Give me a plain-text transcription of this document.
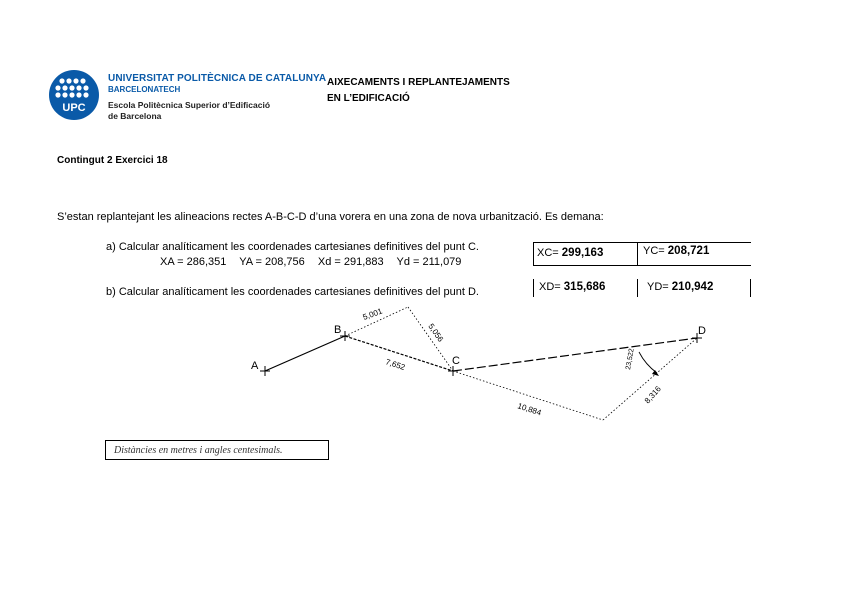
UPC
UNIVERSITAT POLITÈCNICA DE CATALUNYA
BARCELONATECH
Escola Politècnica Superior d’Edificació
de Barcelona
AIXECAMENTS I REPLANTEJAMENTS
EN L’EDIFICACIÓ
Contingut 2 Exercici 18
S’estan replantejant les alineacions rectes A-B-C-D d’una vorera en una zona de nova urbanització. Es demana:
a) Calcular analíticament les coordenades cartesianes definitives del punt C.
XA = 286,351 YA = 208,756 Xd = 291,883 Yd = 211,079
b) Calcular analíticament les coordenades cartesianes definitives del punt D.
XC= 299,163	YC= 208,721
XD= 315,686	YD= 210,942
A
B
C
D
5,001
5,056
7,652
10,884
8,316
23,522
Distàncies en metres i angles centesimals.
